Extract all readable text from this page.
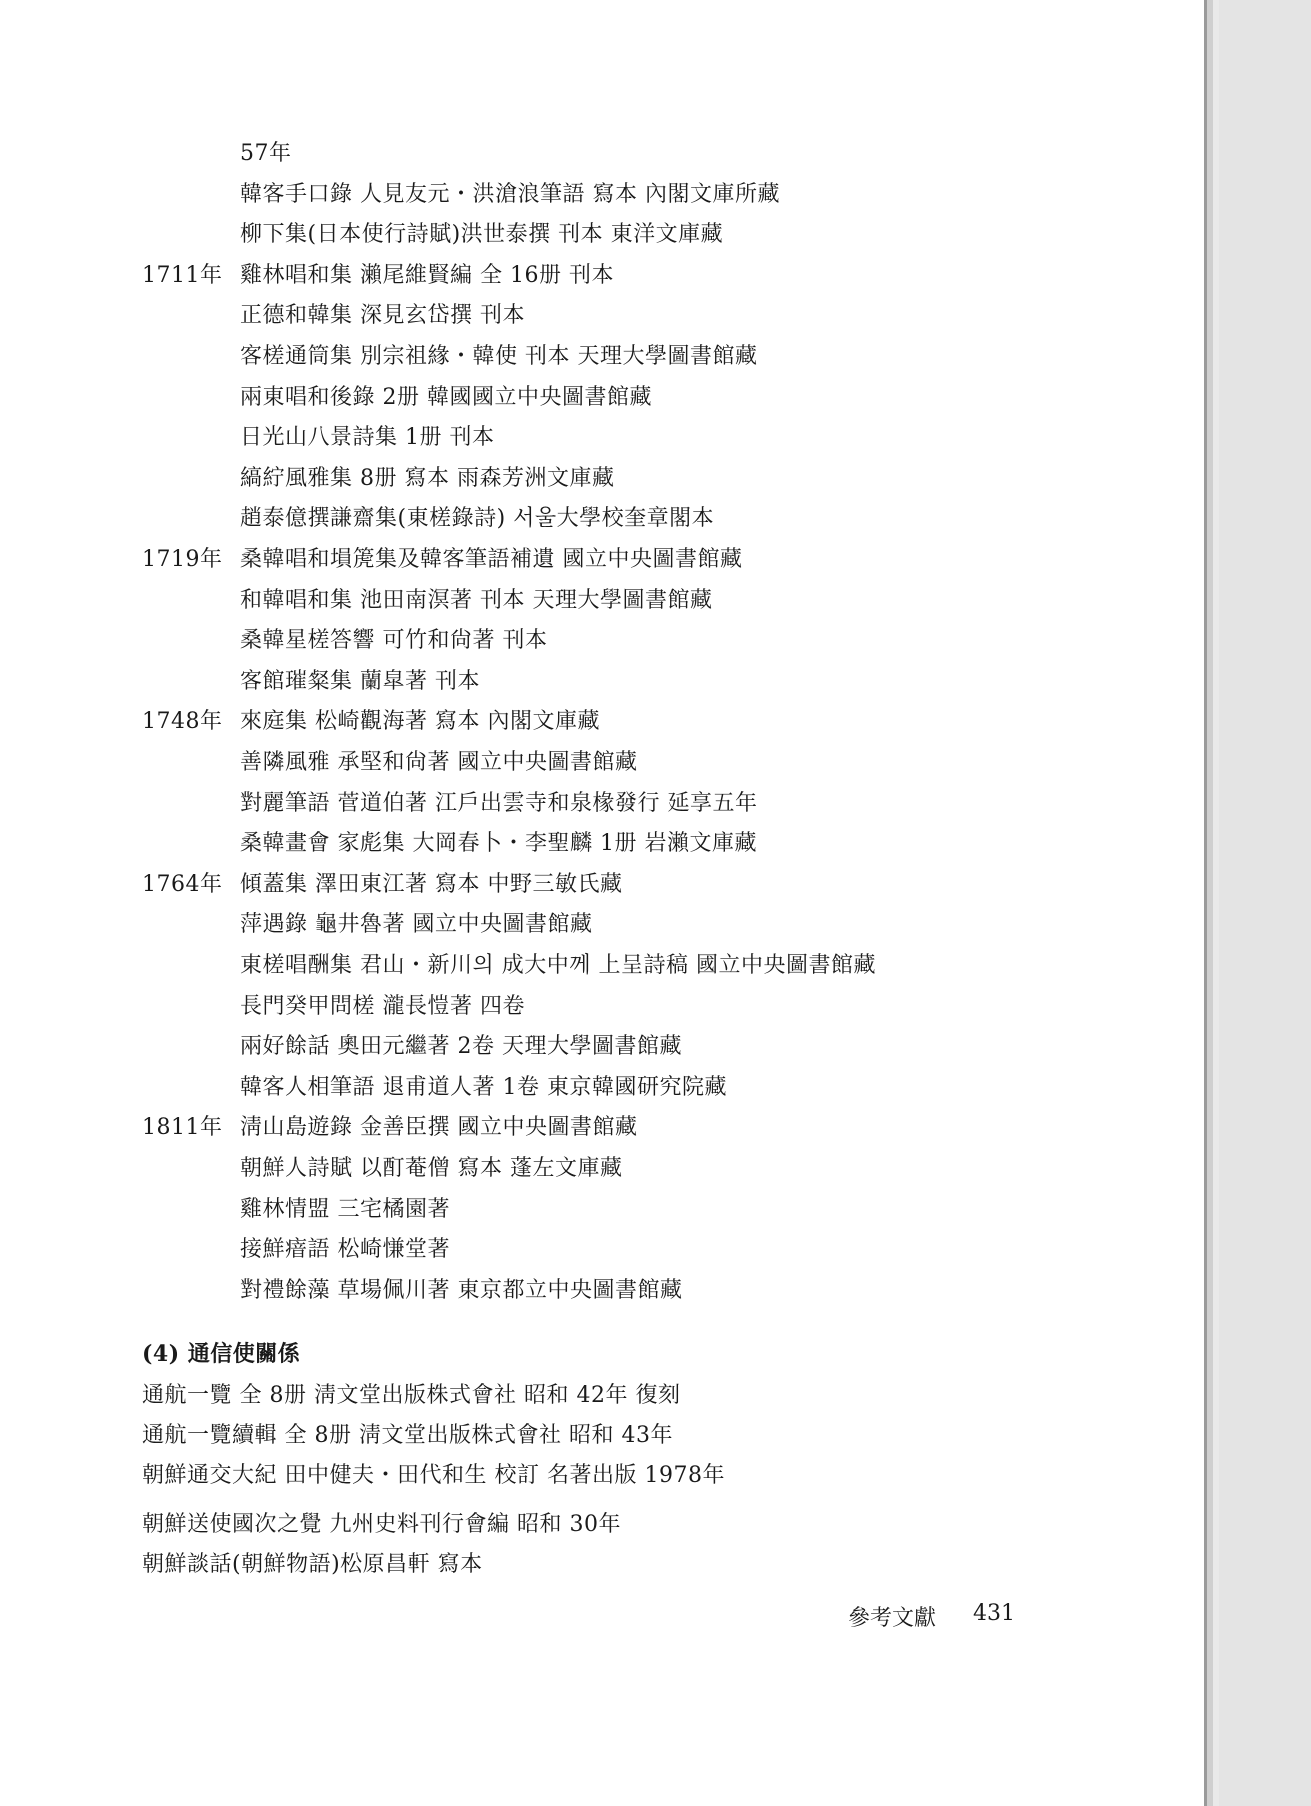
57年
韓客手口錄 人見友元・洪滄浪筆語 寫本 內閣文庫所藏
柳下集(日本使行詩賦)洪世泰撰 刊本 東洋文庫藏
1711年 雞林唱和集 瀨尾維賢編 全 16册 刊本
正德和韓集 深見玄岱撰 刊本
客槎通筒集 別宗祖緣・韓使 刊本 天理大學圖書館藏
兩東唱和後錄 2册 韓國國立中央圖書館藏
日光山八景詩集 1册 刊本
縞紵風雅集 8册 寫本 雨森芳洲文庫藏
趙泰億撰謙齋集(東槎錄詩) 서울大學校奎章閣本
1719年 桑韓唱和塤箎集及韓客筆語補遺 國立中央圖書館藏
和韓唱和集 池田南溟著 刊本 天理大學圖書館藏
桑韓星槎答響 可竹和尙著 刊本
客館璀粲集 蘭皐著 刊本
1748年 來庭集 松崎觀海著 寫本 內閣文庫藏
善隣風雅 承堅和尙著 國立中央圖書館藏
對麗筆語 菅道伯著 江戶出雲寺和泉椽發行 延享五年
桑韓畫會 家彪集 大岡春卜・李聖麟 1册 岩瀨文庫藏
1764年 傾蓋集 澤田東江著 寫本 中野三敏氏藏
萍遇錄 龜井魯著 國立中央圖書館藏
東槎唱酬集 君山・新川의 成大中께 上呈詩稿 國立中央圖書館藏
長門癸甲問槎 瀧長愷著 四卷
兩好餘話 奧田元繼著 2卷 天理大學圖書館藏
韓客人相筆語 退甫道人著 1卷 東京韓國研究院藏
1811年 淸山島遊錄 金善臣撰 國立中央圖書館藏
朝鮮人詩賦 以酊菴僧 寫本 蓬左文庫藏
雞林情盟 三宅橘園著
接鮮瘖語 松崎慊堂著
對禮餘藻 草場佩川著 東京都立中央圖書館藏
(4) 通信使關係
通航一覽 全 8册 淸文堂出版株式會社 昭和 42年 復刻
通航一覽續輯 全 8册 淸文堂出版株式會社 昭和 43年
朝鮮通交大紀 田中健夫・田代和生 校訂 名著出版 1978年
朝鮮送使國次之覺 九州史料刊行會編 昭和 30年
朝鮮談話(朝鮮物語)松原昌軒 寫本
參考文獻 431
